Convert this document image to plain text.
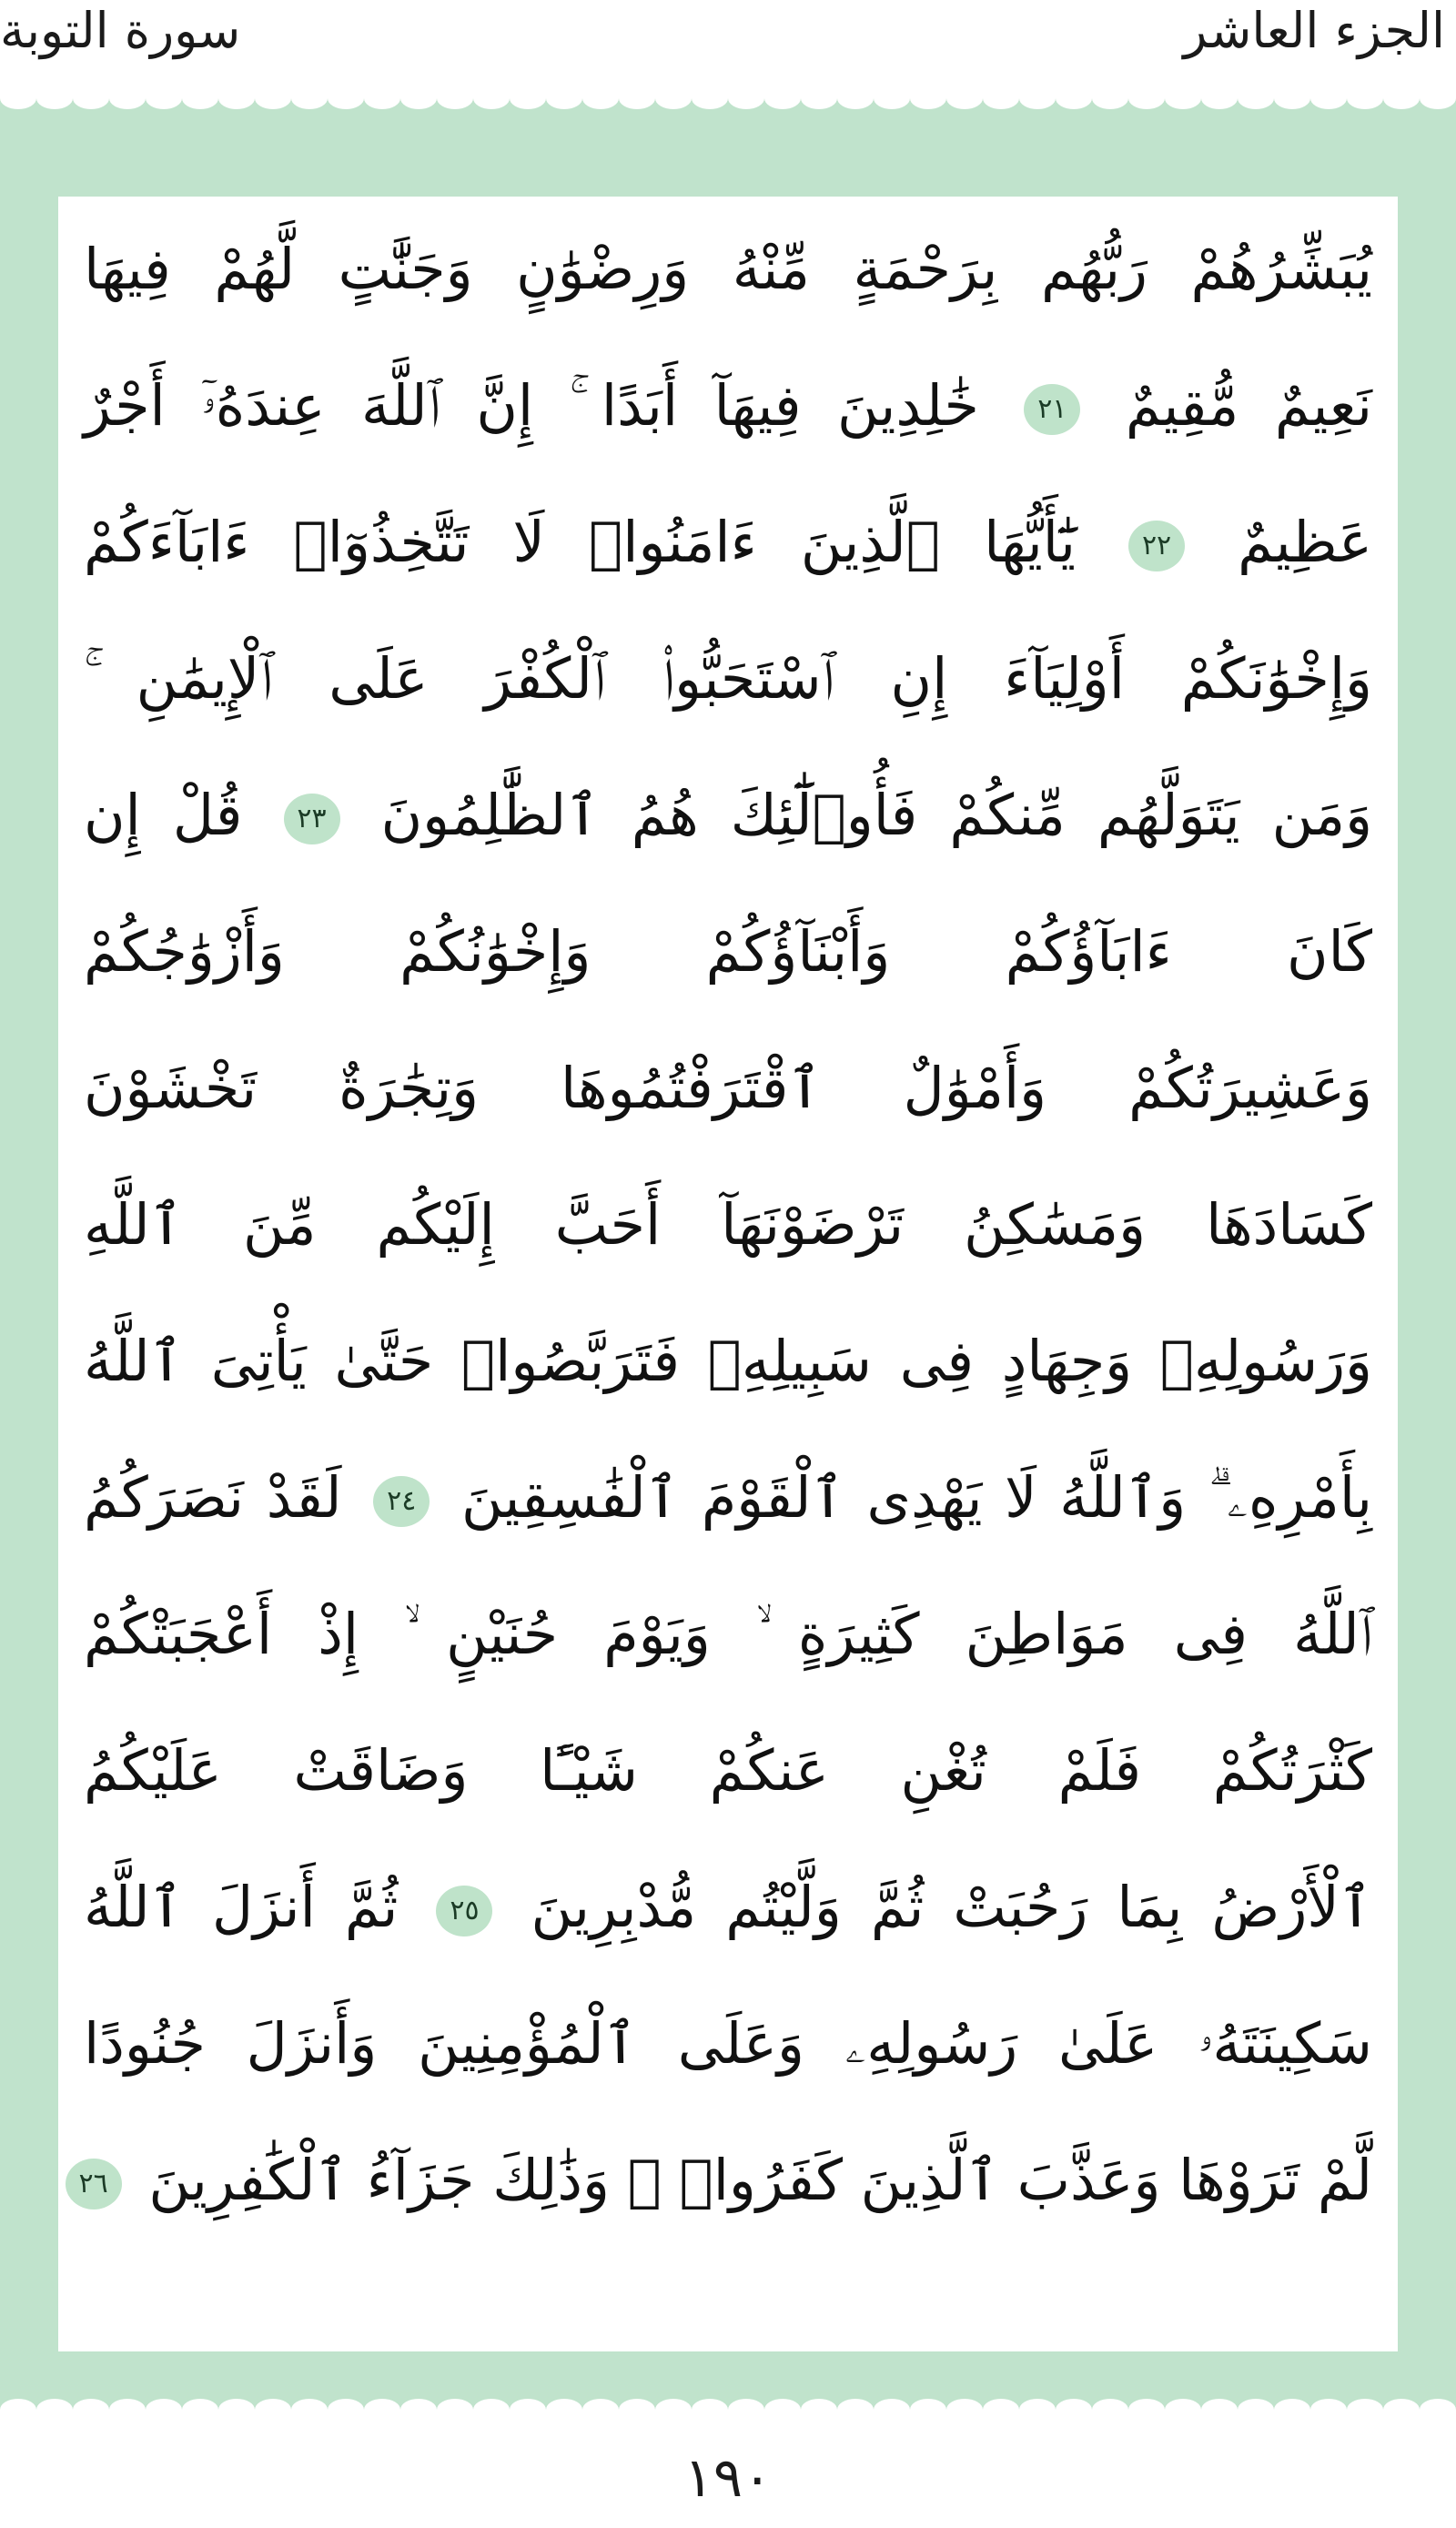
سورة التوبة	الجزء العاشر
يُبَشِّرُهُمْ رَبُّهُم بِرَحْمَةٍ مِّنْهُ وَرِضْوَٰنٍ وَجَنَّٰتٍ لَّهُمْ فِيهَا
نَعِيمٌ مُّقِيمٌ ٢١ خَٰلِدِينَ فِيهَآ أَبَدًا ۚ إِنَّ ٱللَّهَ عِندَهُۥٓ أَجْرٌ
عَظِيمٌ ٢٢ يَٰٓأَيُّهَا ٱلَّذِينَ ءَامَنُوا۟ لَا تَتَّخِذُوٓا۟ ءَابَآءَكُمْ
وَإِخْوَٰنَكُمْ أَوْلِيَآءَ إِنِ ٱسْتَحَبُّوا۟ ٱلْكُفْرَ عَلَى ٱلْإِيمَٰنِ ۚ
وَمَن يَتَوَلَّهُم مِّنكُمْ فَأُو۟لَٰٓئِكَ هُمُ ٱلظَّٰلِمُونَ ٢٣ قُلْ إِن
كَانَ ءَابَآؤُكُمْ وَأَبْنَآؤُكُمْ وَإِخْوَٰنُكُمْ وَأَزْوَٰجُكُمْ
وَعَشِيرَتُكُمْ وَأَمْوَٰلٌ ٱقْتَرَفْتُمُوهَا وَتِجَٰرَةٌ تَخْشَوْنَ
كَسَادَهَا وَمَسَٰكِنُ تَرْضَوْنَهَآ أَحَبَّ إِلَيْكُم مِّنَ ٱللَّهِ
وَرَسُولِهِۦ وَجِهَادٍ فِى سَبِيلِهِۦ فَتَرَبَّصُوا۟ حَتَّىٰ يَأْتِىَ ٱللَّهُ
بِأَمْرِهِۦ ۗ وَٱللَّهُ لَا يَهْدِى ٱلْقَوْمَ ٱلْفَٰسِقِينَ ٢٤ لَقَدْ نَصَرَكُمُ
ٱللَّهُ فِى مَوَاطِنَ كَثِيرَةٍ ۙ وَيَوْمَ حُنَيْنٍ ۙ إِذْ أَعْجَبَتْكُمْ
كَثْرَتُكُمْ فَلَمْ تُغْنِ عَنكُمْ شَيْـًٔا وَضَاقَتْ عَلَيْكُمُ
ٱلْأَرْضُ بِمَا رَحُبَتْ ثُمَّ وَلَّيْتُم مُّدْبِرِينَ ٢٥ ثُمَّ أَنزَلَ ٱللَّهُ
سَكِينَتَهُۥ عَلَىٰ رَسُولِهِۦ وَعَلَى ٱلْمُؤْمِنِينَ وَأَنزَلَ جُنُودًا
لَّمْ تَرَوْهَا وَعَذَّبَ ٱلَّذِينَ كَفَرُوا۟ ۚ وَذَٰلِكَ جَزَآءُ ٱلْكَٰفِرِينَ ٢٦
١٩٠
